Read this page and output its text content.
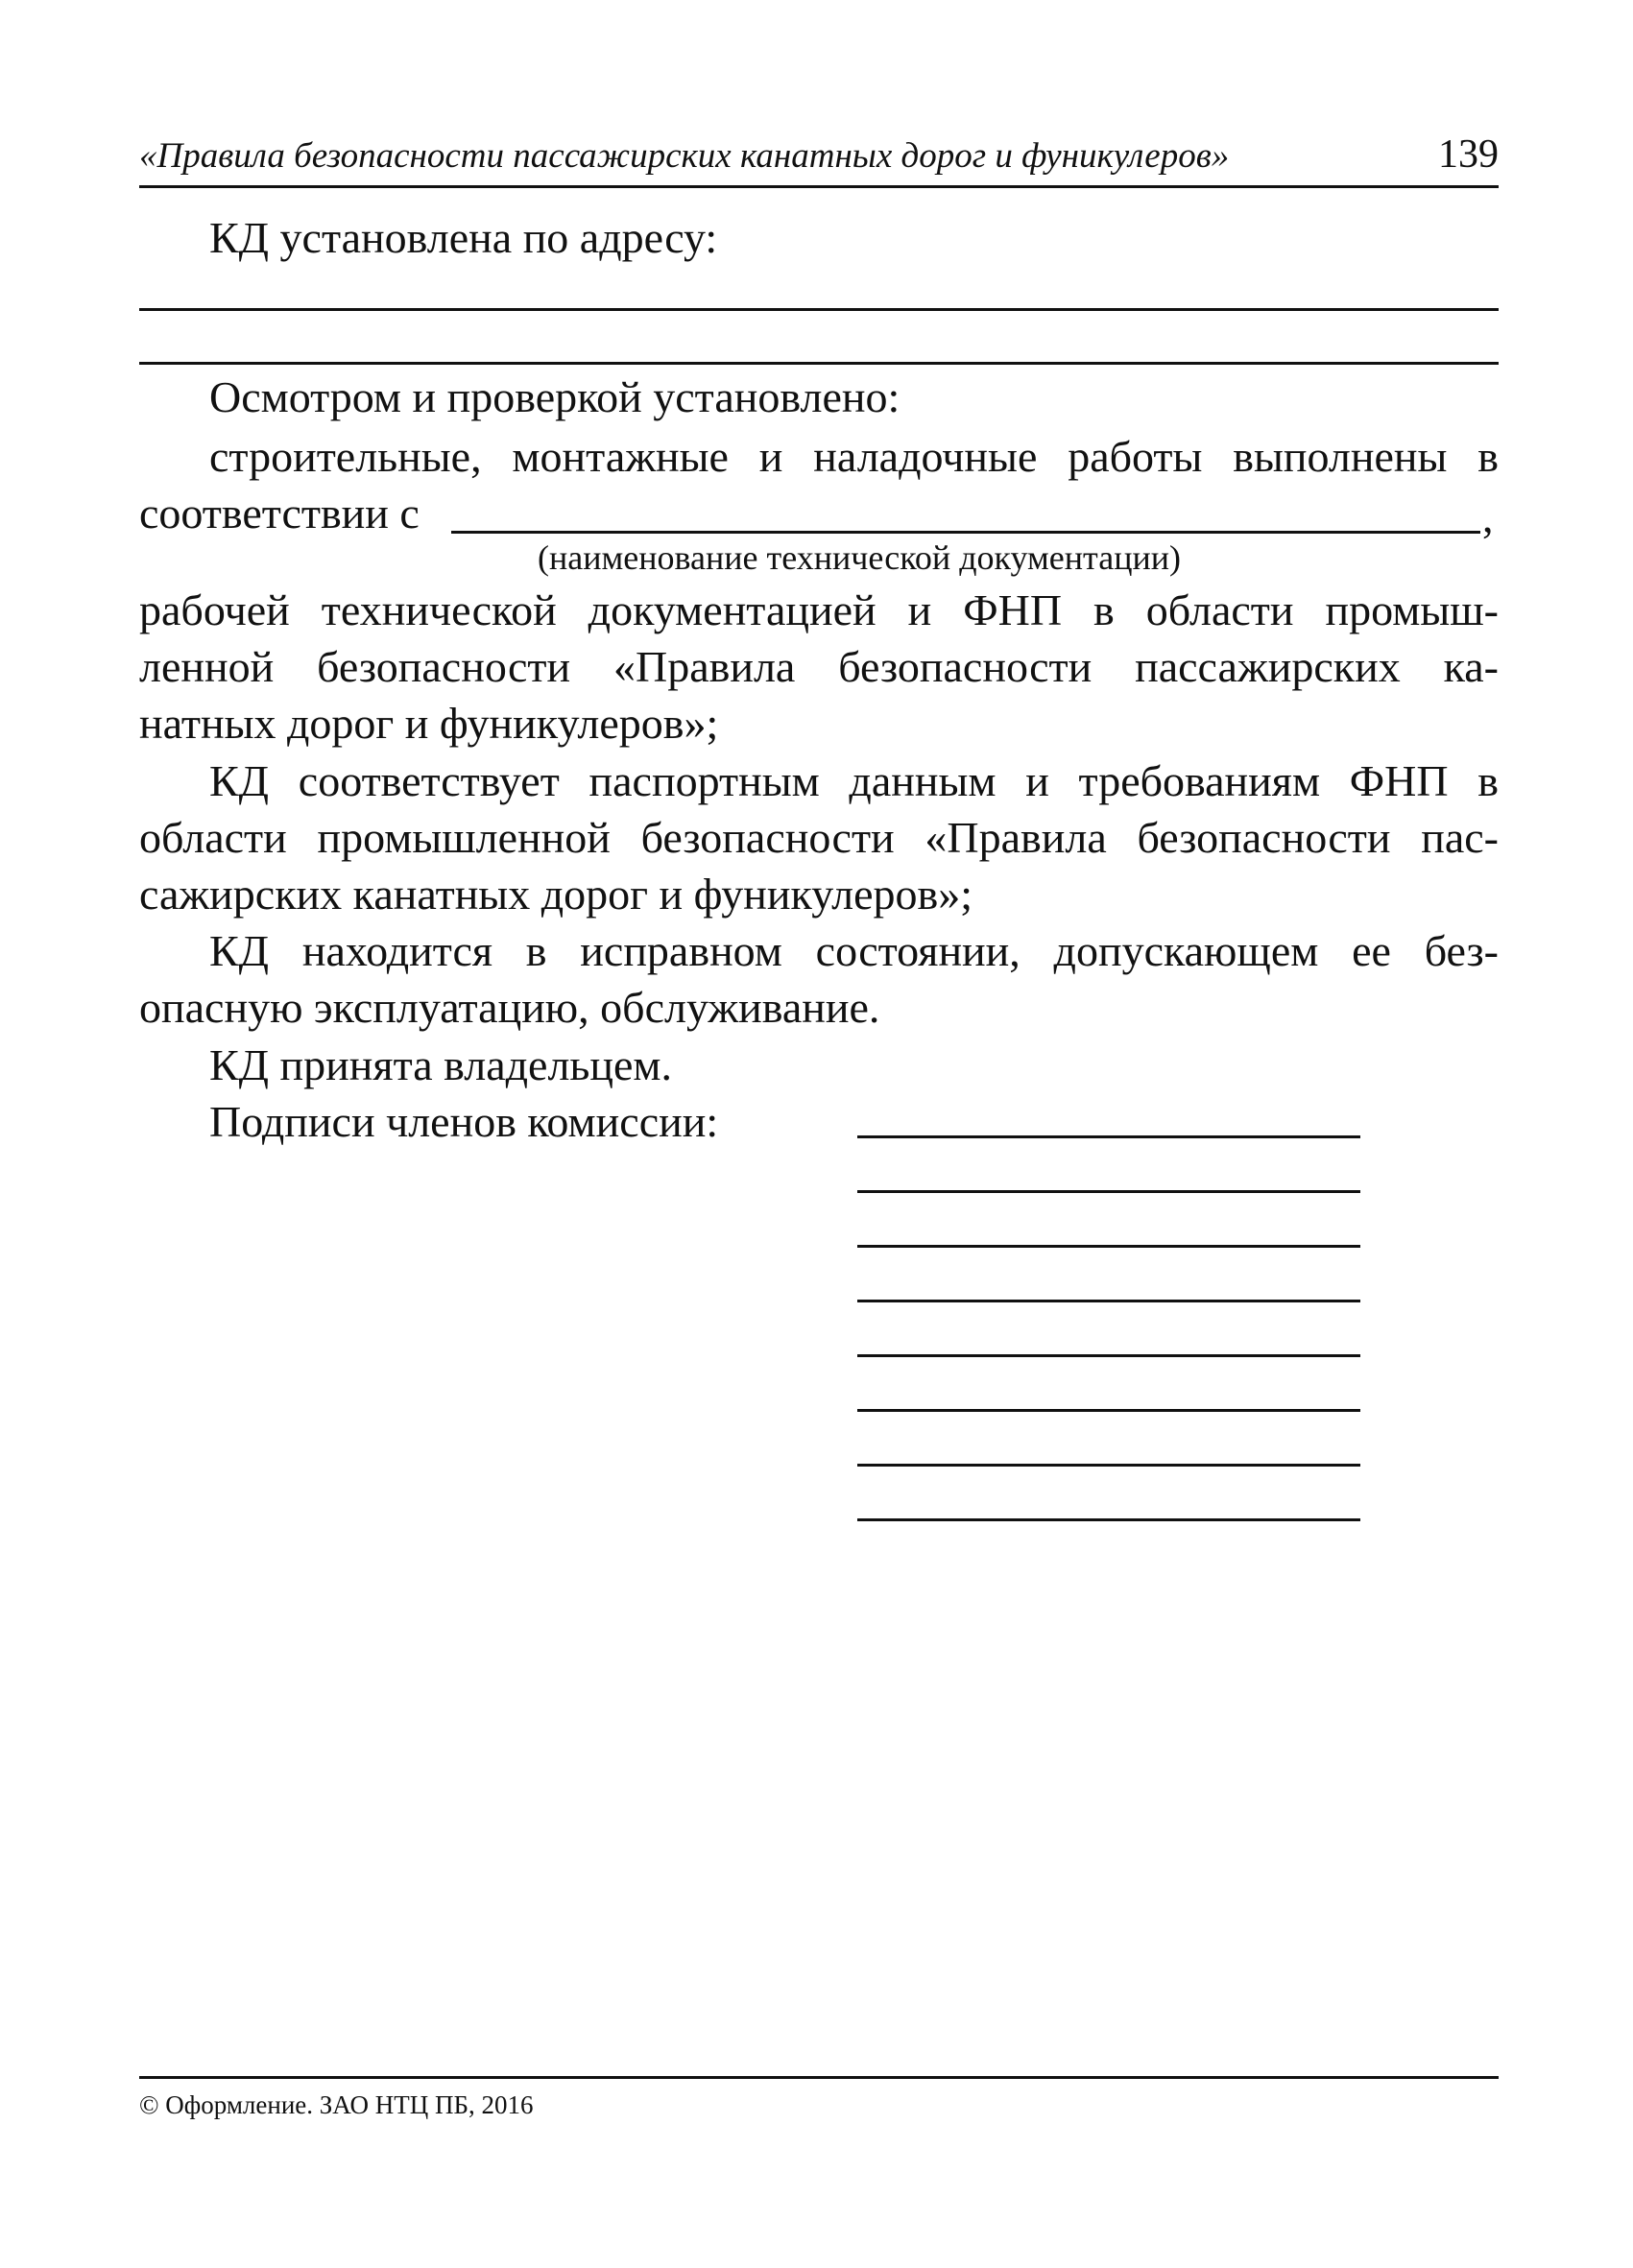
«Правила безопасности пассажирских канатных дорог и фуникулеров»	139
КД установлена по адресу:
Осмотром и проверкой установлено:
строительные, монтажные и наладочные работы выполнены в
соответствии с	,
(наименование технической документации)
рабочей технической документацией и ФНП в области промыш-
ленной безопасности «Правила безопасности пассажирских ка-
натных дорог и фуникулеров»;
КД соответствует паспортным данным и требованиям ФНП в
области промышленной безопасности «Правила безопасности пас-
сажирских канатных дорог и фуникулеров»;
КД находится в исправном состоянии, допускающем ее без-
опасную эксплуатацию, обслуживание.
КД принята владельцем.
Подписи членов комиссии:
© Оформление. ЗАО НТЦ ПБ, 2016
